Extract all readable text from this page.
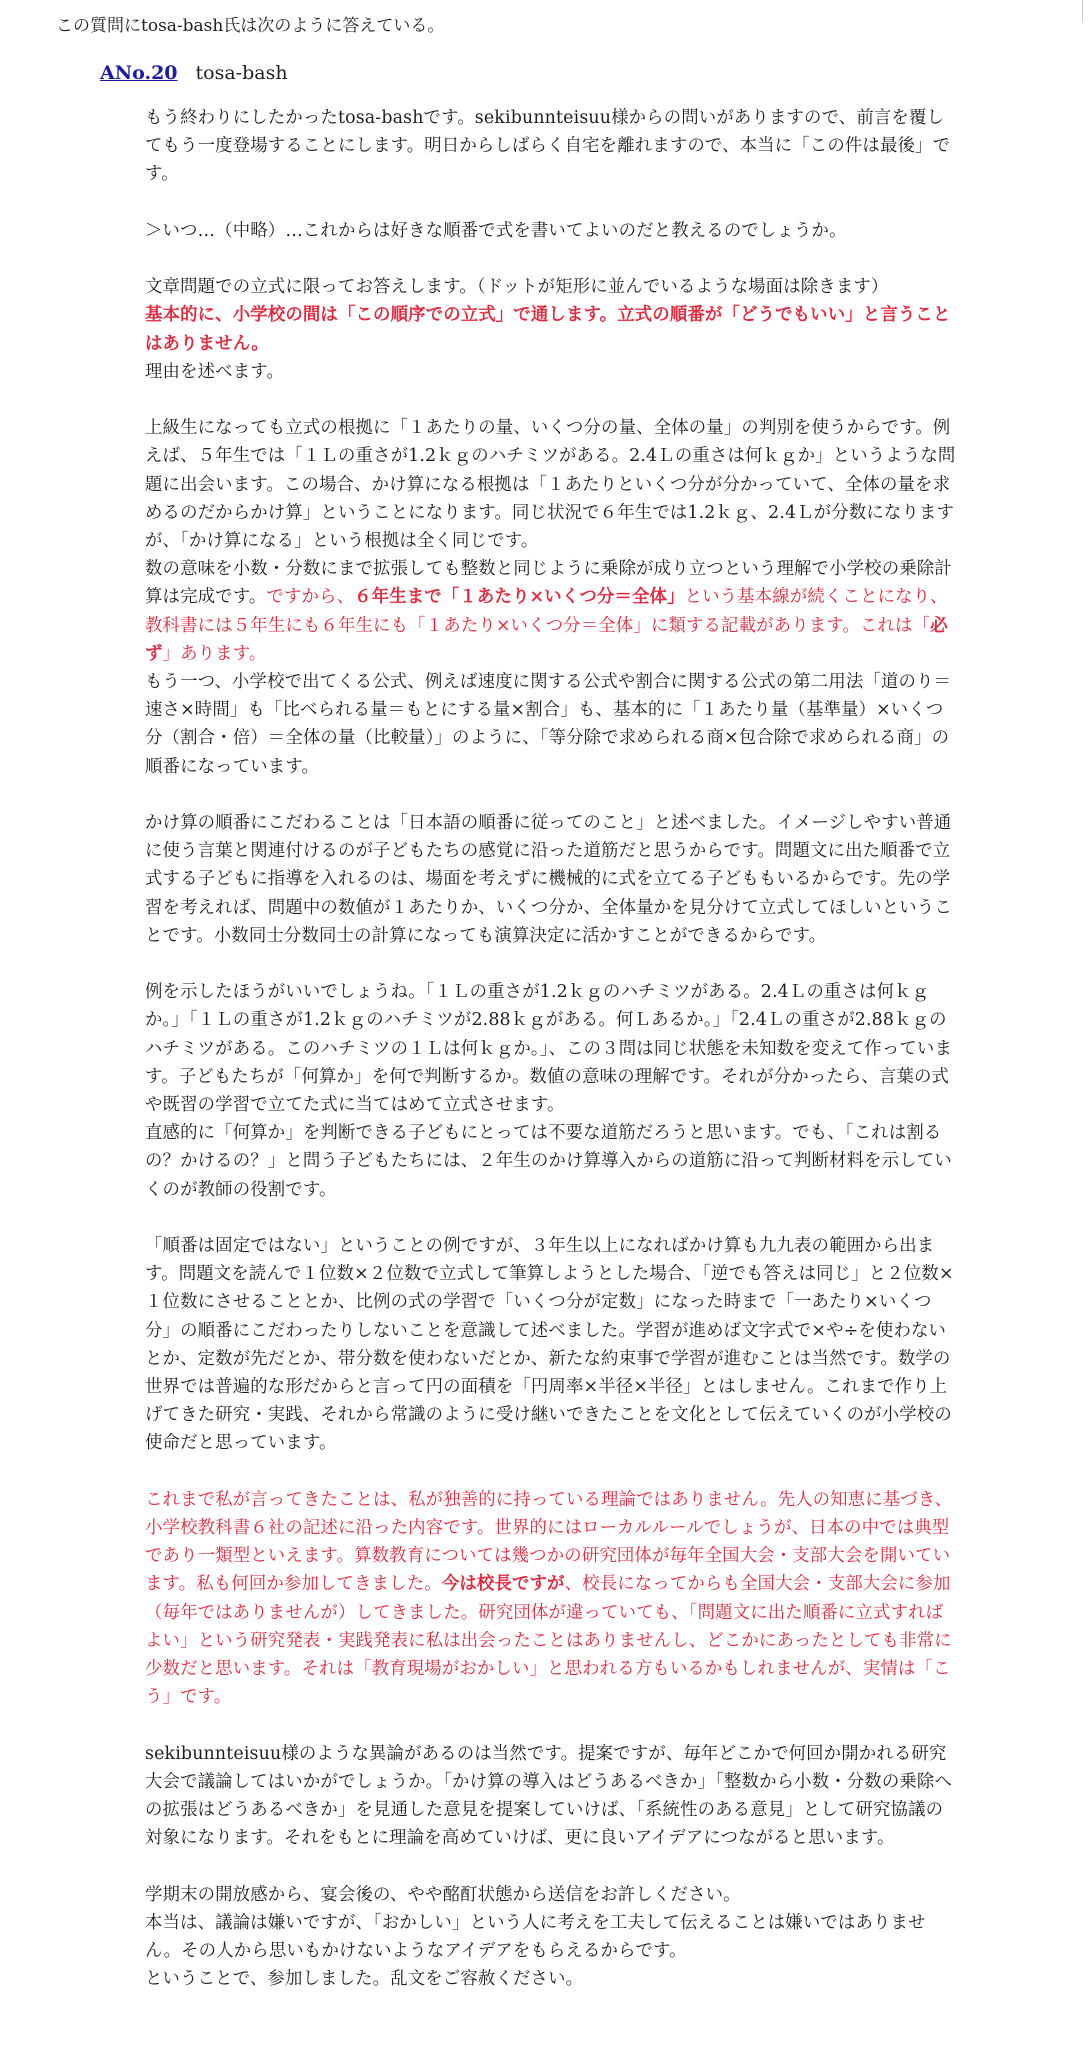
この質問にtosa-bash氏は次のように答えている。
ANo.20 tosa-bash

もう終わりにしたかったtosa-bashです。sekibunnteisuu様からの問いがありますので、前言を覆してもう一度登場することにします。明日からしばらく自宅を離れますので、本当に「この件は最後」です。

＞いつ…（中略）…これからは好きな順番で式を書いてよいのだと教えるのでしょうか。

文章問題での立式に限ってお答えします。（ドットが矩形に並んでいるような場面は除きます）

基本的に、小学校の間は「この順序での立式」で通します。立式の順番が「どうでもいい」と言うことはありません。

理由を述べます。

上級生になっても立式の根拠に「１あたりの量、いくつ分の量、全体の量」の判別を使うからです。例えば、５年生では「１Ｌの重さが1.2ｋｇのハチミツがある。2.4Ｌの重さは何ｋｇか」というような問題に出会います。この場合、かけ算になる根拠は「１あたりといくつ分が分かっていて、全体の量を求めるのだからかけ算」ということになります。同じ状況で６年生では1.2ｋｇ、2.4Ｌが分数になりますが、「かけ算になる」という根拠は全く同じです。

数の意味を小数・分数にまで拡張しても整数と同じように乗除が成り立つという理解で小学校の乗除計算は完成です。ですから、６年生まで「１あたり×いくつ分＝全体」という基本線が続くことになり、教科書には５年生にも６年生にも「１あたり×いくつ分＝全体」に類する記載があります。これは「必ず」あります。

もう一つ、小学校で出てくる公式、例えば速度に関する公式や割合に関する公式の第二用法「道のり＝速さ×時間」も「比べられる量＝もとにする量×割合」も、基本的に「１あたり量（基準量）×いくつ分（割合・倍）＝全体の量（比較量）」のように、「等分除で求められる商×包合除で求められる商」の順番になっています。

かけ算の順番にこだわることは「日本語の順番に従ってのこと」と述べました。イメージしやすい普通に使う言葉と関連付けるのが子どもたちの感覚に沿った道筋だと思うからです。問題文に出た順番で立式する子どもに指導を入れるのは、場面を考えずに機械的に式を立てる子どももいるからです。先の学習を考えれば、問題中の数値が１あたりか、いくつ分か、全体量かを見分けて立式してほしいということです。小数同士分数同士の計算になっても演算決定に活かすことができるからです。

例を示したほうがいいでしょうね。「１Ｌの重さが1.2ｋｇのハチミツがある。2.4Ｌの重さは何ｋｇか。」「１Ｌの重さが1.2ｋｇのハチミツが2.88ｋｇがある。何Ｌあるか。」「2.4Ｌの重さが2.88ｋｇのハチミツがある。このハチミツの１Ｌは何ｋｇか。」、この３問は同じ状態を未知数を変えて作っています。子どもたちが「何算か」を何で判断するか。数値の意味の理解です。それが分かったら、言葉の式や既習の学習で立てた式に当てはめて立式させます。

直感的に「何算か」を判断できる子どもにとっては不要な道筋だろうと思います。でも、「これは割るの？かけるの？」と問う子どもたちには、２年生のかけ算導入からの道筋に沿って判断材料を示していくのが教師の役割です。

「順番は固定ではない」ということの例ですが、３年生以上になればかけ算も九九表の範囲から出ます。問題文を読んで１位数×２位数で立式して筆算しようとした場合、「逆でも答えは同じ」と２位数×１位数にさせることとか、比例の式の学習で「いくつ分が定数」になった時まで「一あたり×いくつ分」の順番にこだわったりしないことを意識して述べました。学習が進めば文字式で×や÷を使わないとか、定数が先だとか、帯分数を使わないだとか、新たな約束事で学習が進むことは当然です。数学の世界では普遍的な形だからと言って円の面積を「円周率×半径×半径」とはしません。これまで作り上げてきた研究・実践、それから常識のように受け継いできたことを文化として伝えていくのが小学校の使命だと思っています。

これまで私が言ってきたことは、私が独善的に持っている理論ではありません。先人の知恵に基づき、小学校教科書６社の記述に沿った内容です。世界的にはローカルルールでしょうが、日本の中では典型であり一類型といえます。算数教育については幾つかの研究団体が毎年全国大会・支部大会を開いています。私も何回か参加してきました。今は校長ですが、校長になってからも全国大会・支部大会に参加（毎年ではありませんが）してきました。研究団体が違っていても、「問題文に出た順番に立式すればよい」という研究発表・実践発表に私は出会ったことはありませんし、どこかにあったとしても非常に少数だと思います。それは「教育現場がおかしい」と思われる方もいるかもしれませんが、実情は「こう」です。

sekibunnteisuu様のような異論があるのは当然です。提案ですが、毎年どこかで何回か開かれる研究大会で議論してはいかがでしょうか。「かけ算の導入はどうあるべきか」「整数から小数・分数の乗除への拡張はどうあるべきか」を見通した意見を提案していけば、「系統性のある意見」として研究協議の対象になります。それをもとに理論を高めていけば、更に良いアイデアにつながると思います。

学期末の開放感から、宴会後の、やや酩酊状態から送信をお許しください。

本当は、議論は嫌いですが、「おかしい」という人に考えを工夫して伝えることは嫌いではありません。その人から思いもかけないようなアイデアをもらえるからです。

ということで、参加しました。乱文をご容赦ください。
